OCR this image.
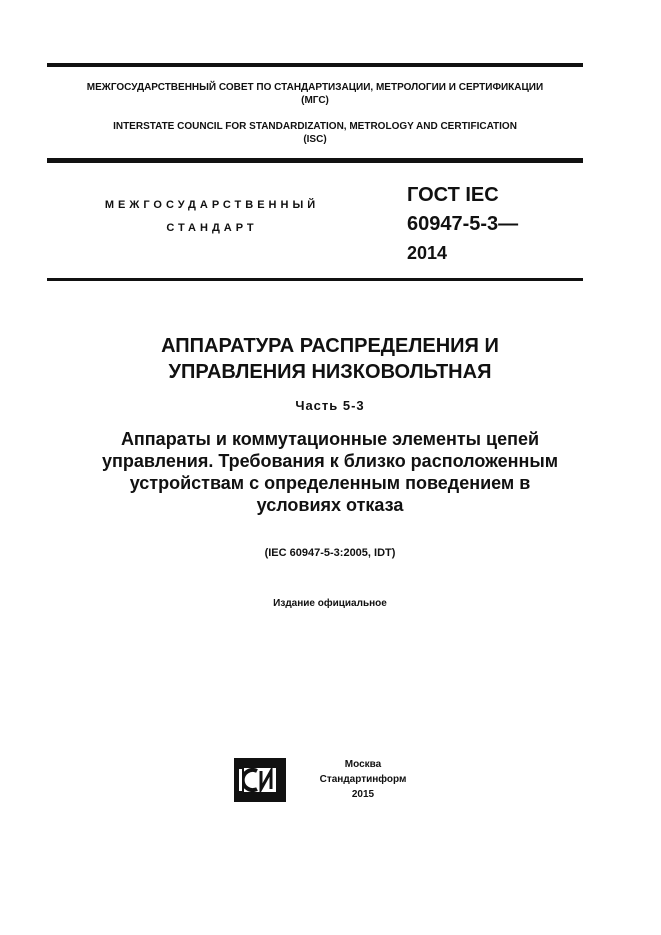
МЕЖГОСУДАРСТВЕННЫЙ СОВЕТ ПО СТАНДАРТИЗАЦИИ, МЕТРОЛОГИИ И СЕРТИФИКАЦИИ
(МГС)
INTERSTATE COUNCIL FOR STANDARDIZATION, METROLOGY AND CERTIFICATION
(ISC)
МЕЖГОСУДАРСТВЕННЫЙ
СТАНДАРТ
ГОСТ IEC
60947-5-3—
2014
АППАРАТУРА РАСПРЕДЕЛЕНИЯ И
УПРАВЛЕНИЯ НИЗКОВОЛЬТНАЯ
Часть 5-3
Аппараты и коммутационные элементы цепей
управления. Требования к близко расположенным
устройствам с определенным поведением в
условиях отказа
(IEC 60947-5-3:2005, IDT)
Издание официальное
Москва
Стандартинформ
2015
